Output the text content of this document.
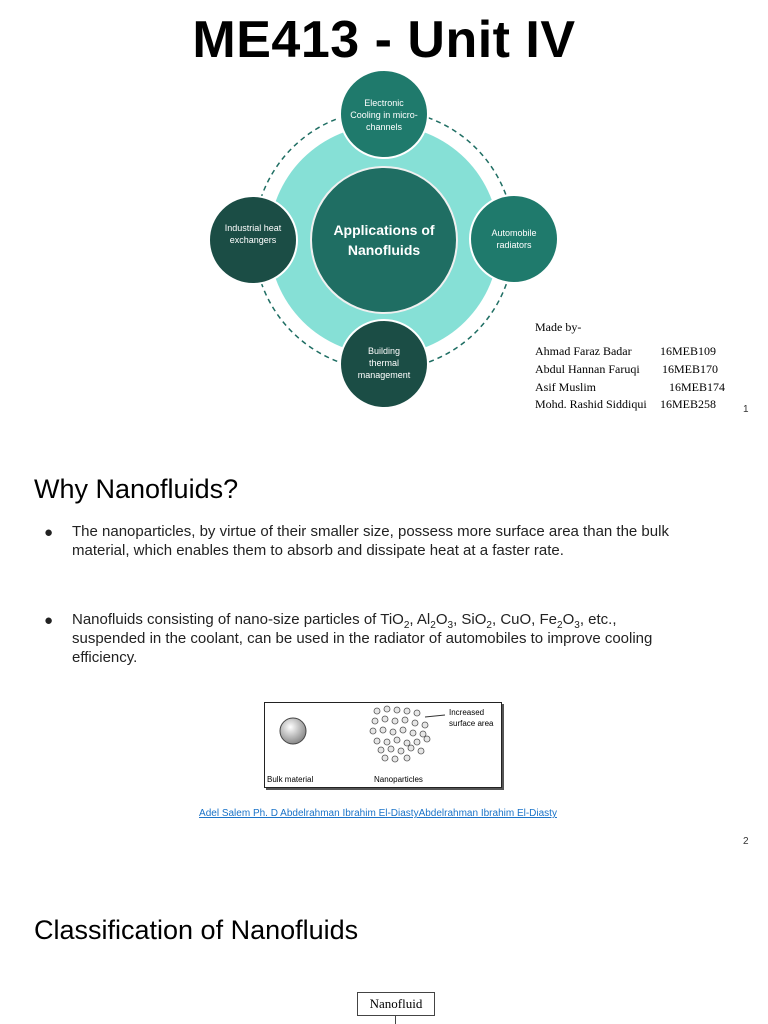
ME413 - Unit IV
Applications of Nanofluids
Electronic Cooling in micro-channels
Automobile radiators
Building thermal management
Industrial heat exchangers
Made by-
Ahmad Faraz Badar 16MEB109
Abdul Hannan Faruqi 16MEB170
Asif Muslim	16MEB174
Mohd. Rashid Siddiqui 16MEB258	1
Why Nanofluids?
● The nanoparticles, by virtue of their smaller size, possess more surface area than the bulk material, which enables them to absorb and dissipate heat at a faster rate.
● Nanofluids consisting of nano-size particles of TiO$_2$, $Al_2O_3$, SiO$_2$, CuO, $Fe_2O_3$, etc., suspended in the coolant, can be used in the radiator of automobiles to improve cooling efficiency.
Increased surface area
Bulk material	Nanoparticles
Adel Salem Ph. D Abdelrahman Ibrahim El-DiastyAbdelrahman Ibrahim El-Diasty
2
Classification of Nanofluids
Nanofluid
